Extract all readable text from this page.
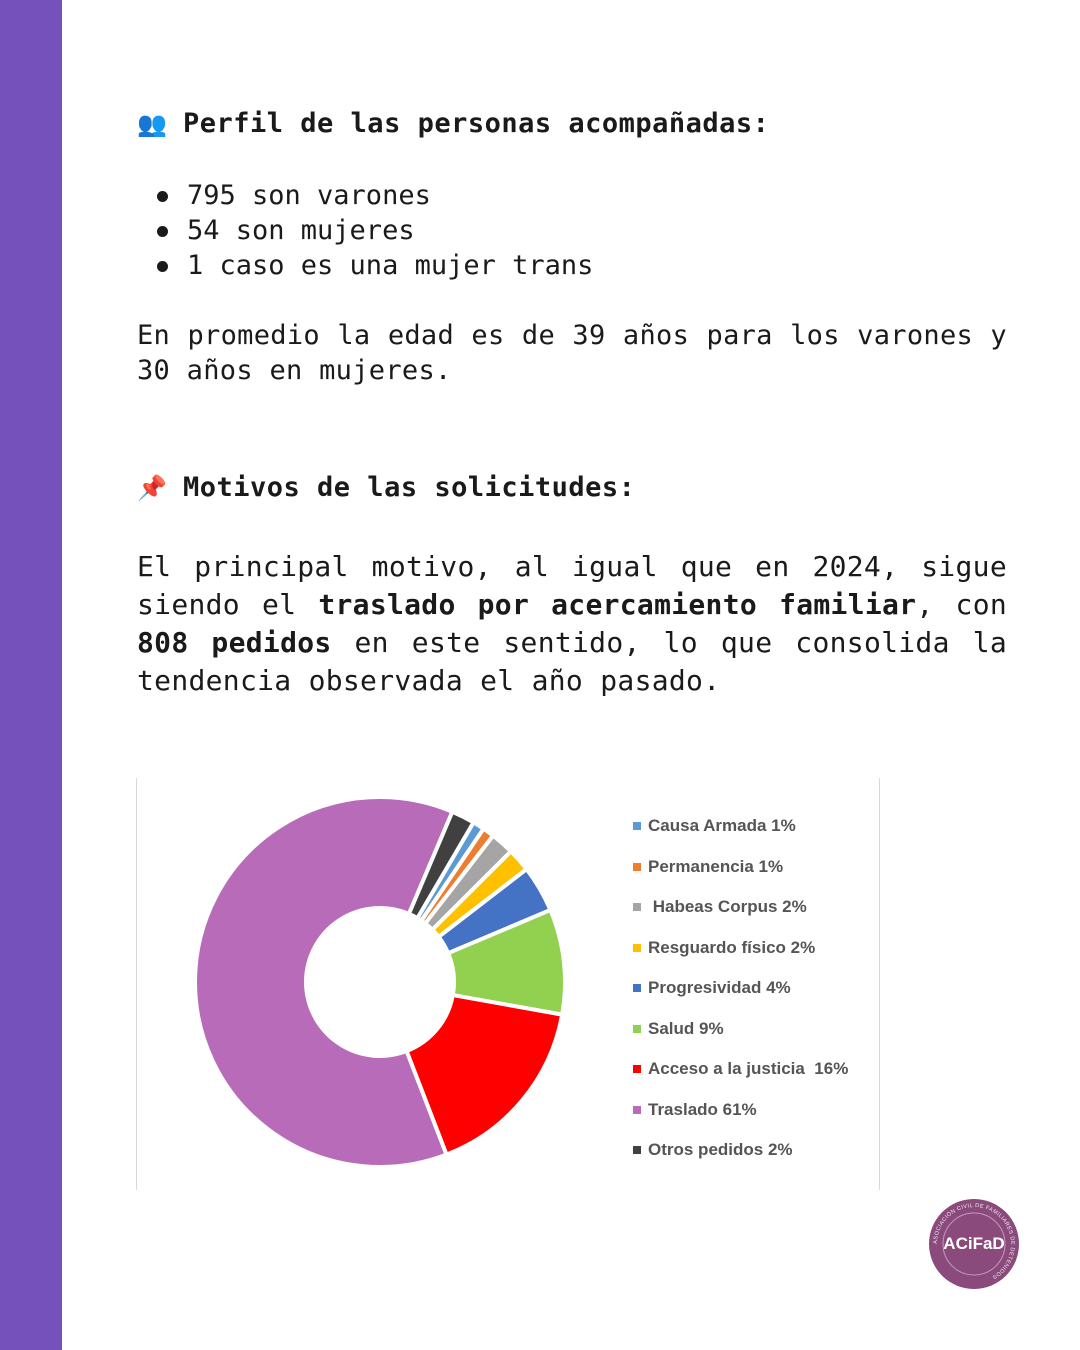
👥 Perfil de las personas acompañadas:
795 son varones
54 son mujeres
1 caso es una mujer trans

En promedio la edad es de 39 años para los varones y 30 años en mujeres.

📌 Motivos de las solicitudes:

El principal motivo, al igual que en 2024, sigue siendo el traslado por acercamiento familiar, con 808 pedidos en este sentido, lo que consolida la tendencia observada el año pasado.

Causa Armada 1%
Permanencia 1%
Habeas Corpus 2%
Resguardo físico 2%
Progresividad 4%
Salud 9%
Acceso a la justicia  16%
Traslado 61%
Otros pedidos 2%
ASOCIACIÓN CIVIL DE FAMILIARES DE DETENIDOS
ACiFaD
